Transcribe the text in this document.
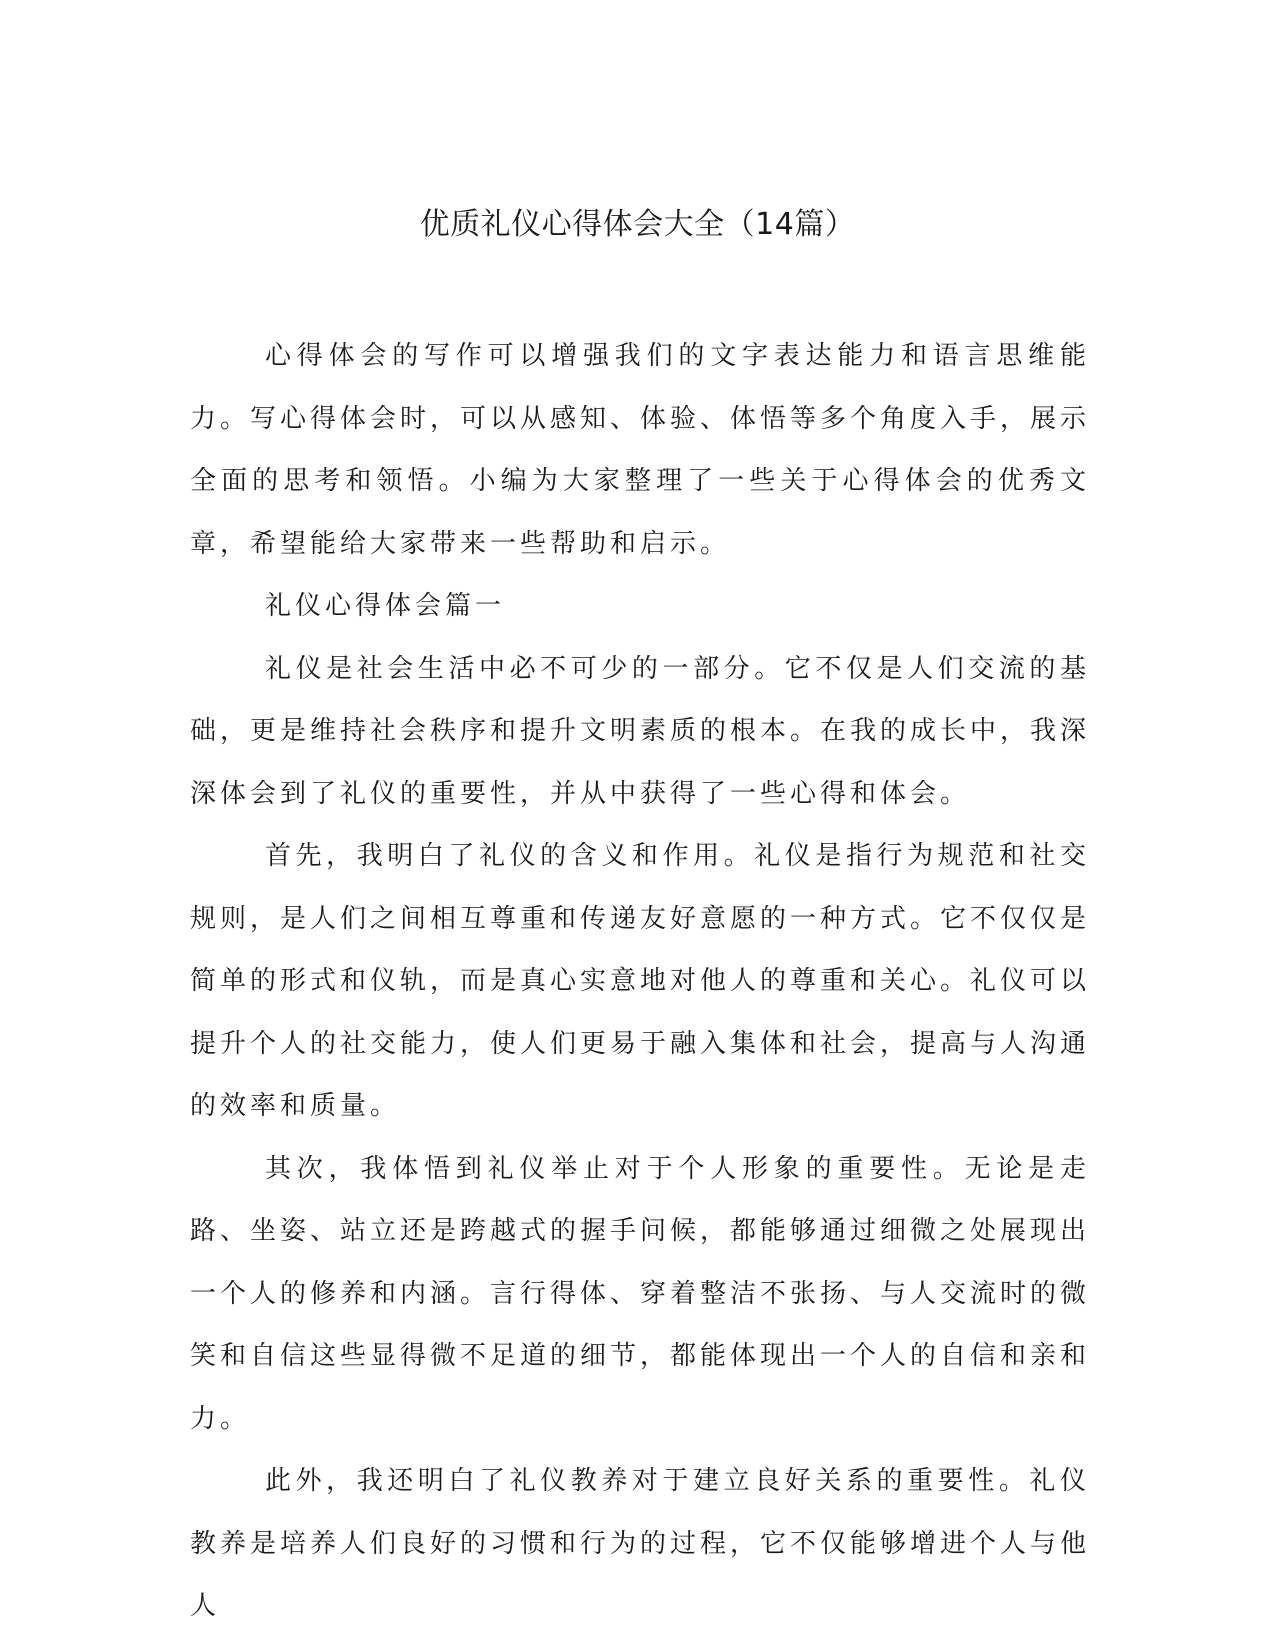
优质礼仪心得体会大全（14篇）

心得体会的写作可以增强我们的文字表达能力和语言思维能力。写心得体会时，可以从感知、体验、体悟等多个角度入手，展示全面的思考和领悟。小编为大家整理了一些关于心得体会的优秀文章，希望能给大家带来一些帮助和启示。

礼仪心得体会篇一

礼仪是社会生活中必不可少的一部分。它不仅是人们交流的基础，更是维持社会秩序和提升文明素质的根本。在我的成长中，我深深体会到了礼仪的重要性，并从中获得了一些心得和体会。

首先，我明白了礼仪的含义和作用。礼仪是指行为规范和社交规则，是人们之间相互尊重和传递友好意愿的一种方式。它不仅仅是简单的形式和仪轨，而是真心实意地对他人的尊重和关心。礼仪可以提升个人的社交能力，使人们更易于融入集体和社会，提高与人沟通的效率和质量。

其次，我体悟到礼仪举止对于个人形象的重要性。无论是走路、坐姿、站立还是跨越式的握手问候，都能够通过细微之处展现出一个人的修养和内涵。言行得体、穿着整洁不张扬、与人交流时的微笑和自信这些显得微不足道的细节，都能体现出一个人的自信和亲和力。

此外，我还明白了礼仪教养对于建立良好关系的重要性。礼仪教养是培养人们良好的习惯和行为的过程，它不仅能够增进个人与他人
